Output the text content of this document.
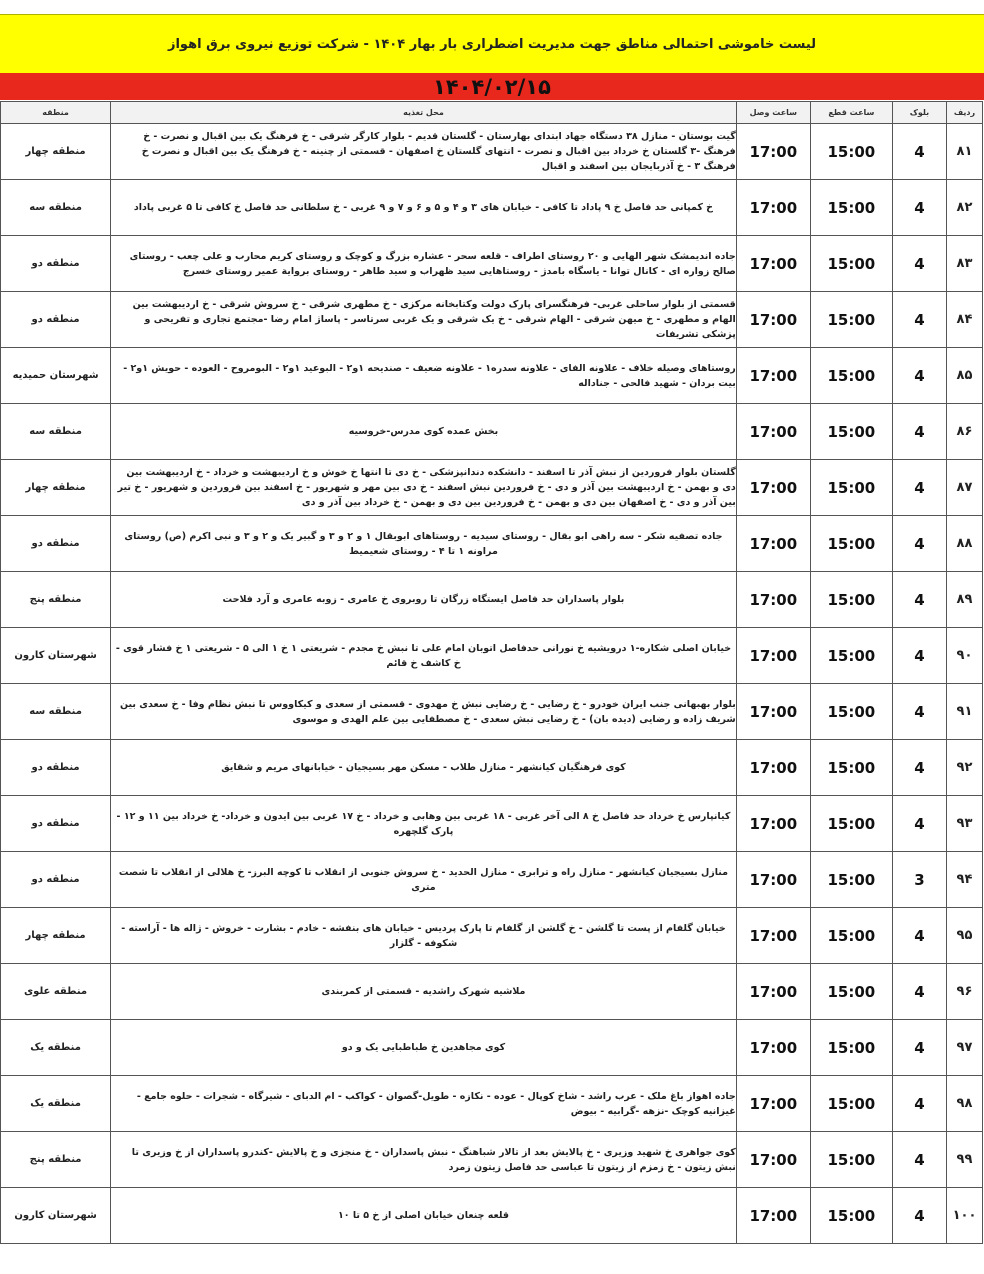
لیست خاموشی احتمالی مناطق جهت مدیریت اضطراری بار بهار ۱۴۰۴ - شرکت توزیع نیروی برق اهواز
۱۴۰۴/۰۲/۱۵
ردیف	بلوک	ساعت قطع	ساعت وصل	محل تغذیه	منطقه
۸۱	4	15:00	17:00	گیت بوستان - منازل ۳۸ دستگاه جهاد ابتدای بهارستان - گلستان قدیم - بلوار کارگر شرقی - خ فرهنگ یک بین اقبال و نصرت - خ فرهنگ -۳ گلستان خ خرداد بین اقبال و نصرت - انتهای گلستان خ اصفهان - قسمتی از چنینه - خ فرهنگ یک بین اقبال و نصرت خ فرهنگ ۳ - خ آذربایجان بین اسفند و اقبال	منطقه چهار
۸۲	4	15:00	17:00	خ کمپانی حد فاصل خ ۹ پاداد تا کافی - خیابان های ۳ و ۴ و ۵ و ۶ و ۷ و ۹ غربی - خ سلطانی حد فاصل خ کافی تا ۵ غربی پاداد	منطقه سه
۸۳	4	15:00	17:00	جاده اندیمشک شهر الهایی و ۲۰ روستای اطراف - قلعه سحر - عشاره بزرگ و کوچک و روستای کریم محارب و علی چعب - روستای صالح زواره ای - کانال توانا - یاسگاه بامدژ - روستاهایی سید ظهراب و سید طاهر - روستای برواية عمیر روستای خسرج	منطقه دو
۸۴	4	15:00	17:00	قسمتی از بلوار ساحلی غربی- فرهنگسرای پارک دولت وکتابخانه مرکزی - خ مطهری شرقی - خ سروش شرقی - خ اردیبهشت بین الهام و مطهری - خ میهن شرقی - الهام شرقی - خ یک شرقی و یک غربی سرتاسر - پاساژ امام رضا -مجتمع تجاری و تفریحی و پزشکی تشریفات	منطقه دو
۸۵	4	15:00	17:00	روستاهای وصیله خلاف - علاونه الفای - علاونه سدره۱ - علاونه ضعیف - صندیحه ۱و۲ - البوعید ۱و۲ - البومروح - العوده - حویش ۱و۲ - بیت بردان - شهید فالحی - جناداله	شهرستان حمیدیه
۸۶	4	15:00	17:00	بخش عمده کوی مدرس-خروسیه	منطقه سه
۸۷	4	15:00	17:00	گلستان بلوار فروردین از نبش آذر تا اسفند - دانشکده دندانپزشکی - خ دی تا انتها خ خوش و خ اردیبهشت و خرداد - خ اردیبهشت بین دی و بهمن - خ اردیبهشت بین آذر و دی - خ فروردین نبش اسفند - خ دی بین مهر و شهریور - خ اسفند بین فروردین و شهریور - خ تیر بین آذر و دی - خ اصفهان بین دی و بهمن - خ فروردین بین دی و بهمن - خ خرداد بین آذر و دی	منطقه چهار
۸۸	4	15:00	17:00	جاده تصفیه شکر - سه راهی ابو بقال - روستای سیدیه - روستاهای ابوبقال ۱ و ۲ و ۳ و گبیر یک و ۲ و ۳ و نبی اکرم (ص) روستای مراونه ۱ تا ۴ - روستای شعیمیط	منطقه دو
۸۹	4	15:00	17:00	بلوار پاسداران حد فاصل ایستگاه زرگان تا روبروی خ عامری - زوبه عامری و آرد فلاحت	منطقه پنج
۹۰	4	15:00	17:00	خیابان اصلی شکاره-۱ درویشیه خ نورانی حدفاصل اتوبان امام علی تا نبش خ مجدم - شریعتی ۱ خ ۱ الی ۵ - شریعتی ۱ خ فشار قوی - خ کاشف خ قائم	شهرستان کارون
۹۱	4	15:00	17:00	بلوار بهبهانی جنب ایران خودرو - خ رضایی - خ رضایی نبش خ مهدوی - قسمتی از سعدی و کیکاووس تا نبش نظام وفا - خ سعدی بین شریف زاده و رضایی (دیده بان) - خ رضایی نبش سعدی - خ مصطفایی بین علم الهدی و موسوی	منطقه سه
۹۲	4	15:00	17:00	کوی فرهنگیان کیانشهر - منازل طلاب - مسکن مهر بسیجیان - خیابانهای مریم و شقایق	منطقه دو
۹۳	4	15:00	17:00	کیانپارس خ خرداد حد فاصل خ ۸ الی آخر غربی - ۱۸ غربی بین وهابی و خرداد - خ ۱۷ غربی بین ایدون و خرداد- خ خرداد بین ۱۱ و ۱۲ - پارک گلچهره	منطقه دو
۹۴	3	15:00	17:00	منازل بسیجیان کیانشهر - منازل راه و ترابری - منازل الحدید - خ سروش جنوبی از انقلاب تا کوچه البرز- خ هلالی از انقلاب تا شصت متری	منطقه دو
۹۵	4	15:00	17:00	خیابان گلفام از پست تا گلشن - خ گلشن از گلفام تا پارک پردیس - خیابان های بنفشه - خادم - بشارت - خروش - ژاله ها - آراسته - شکوفه - گلزار	منطقه چهار
۹۶	4	15:00	17:00	ملاشیه شهرک راشدیه - قسمتی از کمربندی	منطقه علوی
۹۷	4	15:00	17:00	کوی مجاهدین خ طباطبایی یک و دو	منطقه یک
۹۸	4	15:00	17:00	جاده اهواز باغ ملک - عرب راشد - شاخ کوپال - عوده - نکازه - طویل-گصوان - کواکب - ام الدبای - شیرگاه - شجرات - حلوه جامع - غیزانیه کوچک -نزهه -گرابیه - بیوض	منطقه یک
۹۹	4	15:00	17:00	کوی جواهری خ شهید وزیری - خ پالایش بعد از تالار شباهنگ - نبش پاسداران - خ منجزی و خ پالایش -کندرو پاسداران از خ وزیری تا نبش زیتون - خ زمزم از زیتون تا عباسی حد فاصل زیتون زمرد	منطقه پنج
۱۰۰	4	15:00	17:00	قلعه چنعان خیابان اصلی از خ ۵ تا ۱۰	شهرستان کارون
